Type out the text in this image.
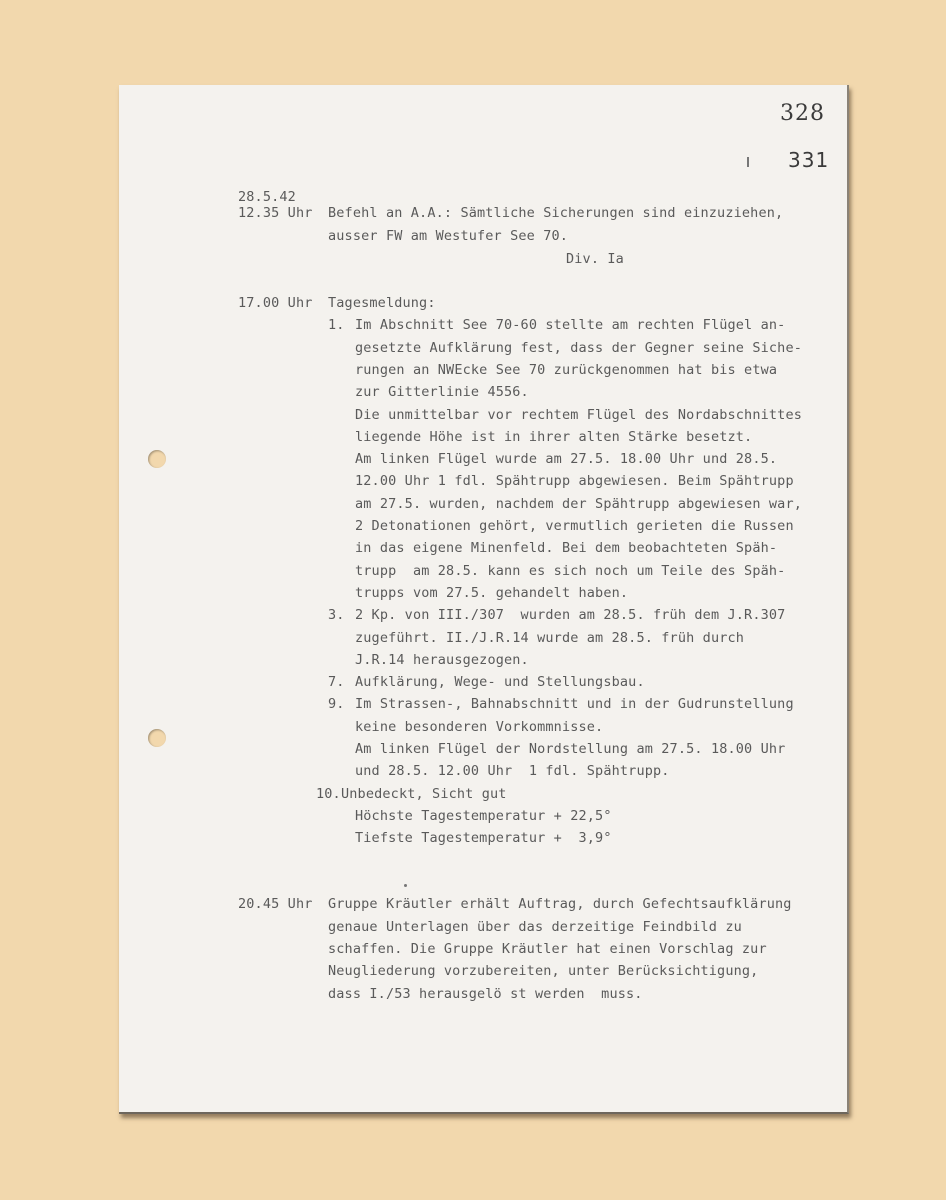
328
331
28.5.42
12.35 Uhr Befehl an A.A.: Sämtliche Sicherungen sind einzuziehen,
ausser FW am Westufer See 70.
Div. Ia
17.00 Uhr Tagesmeldung:
1. Im Abschnitt See 70-60 stellte am rechten Flügel an-
gesetzte Aufklärung fest, dass der Gegner seine Siche-
rungen an NWEcke See 70 zurückgenommen hat bis etwa
zur Gitterlinie 4556.
Die unmittelbar vor rechtem Flügel des Nordabschnittes
liegende Höhe ist in ihrer alten Stärke besetzt.
Am linken Flügel wurde am 27.5. 18.00 Uhr und 28.5.
12.00 Uhr 1 fdl. Spähtrupp abgewiesen. Beim Spähtrupp
am 27.5. wurden, nachdem der Spähtrupp abgewiesen war,
2 Detonationen gehört, vermutlich gerieten die Russen
in das eigene Minenfeld. Bei dem beobachteten Späh-
trupp  am 28.5. kann es sich noch um Teile des Späh-
trupps vom 27.5. gehandelt haben.
3. 2 Kp. von III./307  wurden am 28.5. früh dem J.R.307
zugeführt. II./J.R.14 wurde am 28.5. früh durch
J.R.14 herausgezogen.
7. Aufklärung, Wege- und Stellungsbau.
9. Im Strassen-, Bahnabschnitt und in der Gudrunstellung
keine besonderen Vorkommnisse.
Am linken Flügel der Nordstellung am 27.5. 18.00 Uhr
und 28.5. 12.00 Uhr  1 fdl. Spähtrupp.
10. Unbedeckt, Sicht gut
Höchste Tagestemperatur + 22,5°
Tiefste Tagestemperatur +  3,9°
20.45 Uhr Gruppe Kräutler erhält Auftrag, durch Gefechtsaufklärung
genaue Unterlagen über das derzeitige Feindbild zu
schaffen. Die Gruppe Kräutler hat einen Vorschlag zur
Neugliederung vorzubereiten, unter Berücksichtigung,
dass I./53 herausgelö st werden  muss.
